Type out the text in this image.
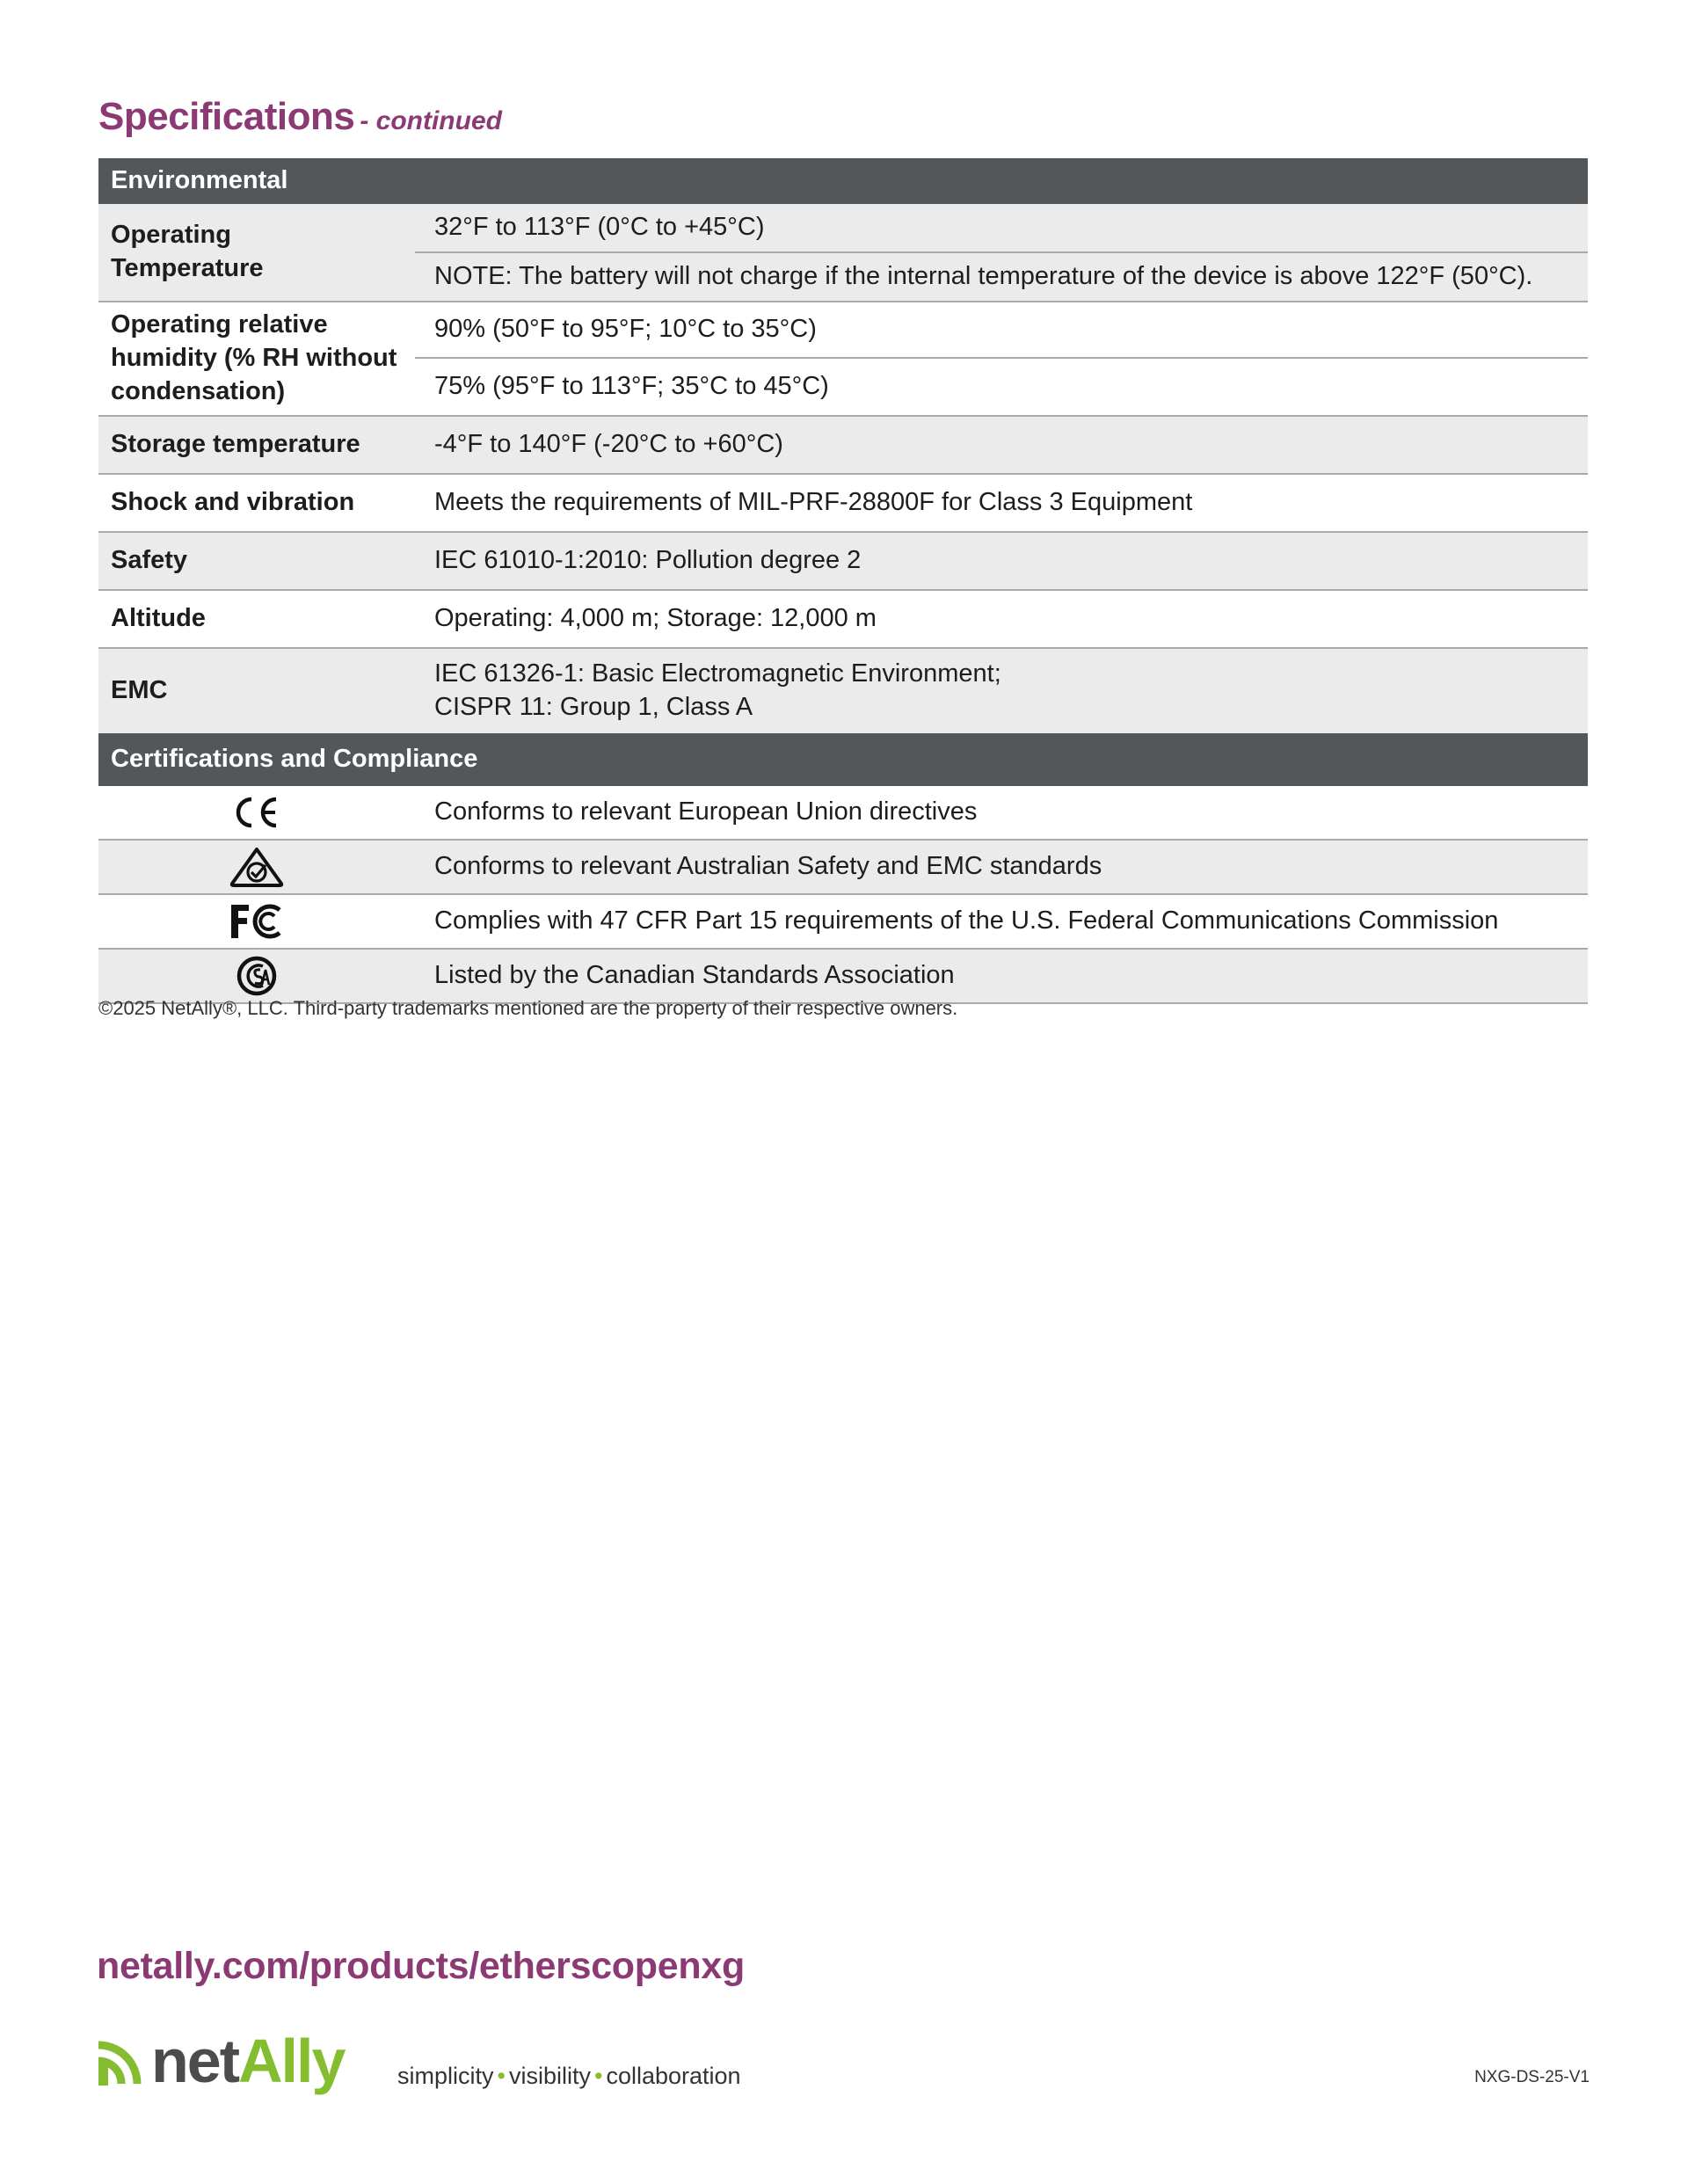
Specifications - continued
Environmental	
Operating
Temperature	32°F to 113°F (0°C to +45°C)
	NOTE: The battery will not charge if the internal temperature of the device is above 122°F (50°C).
Operating relative
humidity (% RH without
condensation)	90% (50°F to 95°F; 10°C to 35°C)
	75% (95°F to 113°F; 35°C to 45°C)
Storage temperature	-4°F to 140°F (-20°C to +60°C)
Shock and vibration	Meets the requirements of MIL-PRF-28800F for Class 3 Equipment
Safety	IEC 61010-1:2010: Pollution degree 2
Altitude	Operating: 4,000 m; Storage: 12,000 m
EMC	IEC 61326-1: Basic Electromagnetic Environment;
CISPR 11: Group 1, Class A
Certifications and Compliance	
	Conforms to relevant European Union directives
	Conforms to relevant Australian Safety and EMC standards
	Complies with 47 CFR Part 15 requirements of the U.S. Federal Communications Commission
	Listed by the Canadian Standards Association

©2025 NetAlly®, LLC. Third-party trademarks mentioned are the property of their respective owners.

netally.com/products/etherscopenxg

netAlly simplicity • visibility • collaboration	NXG-DS-25-V1
